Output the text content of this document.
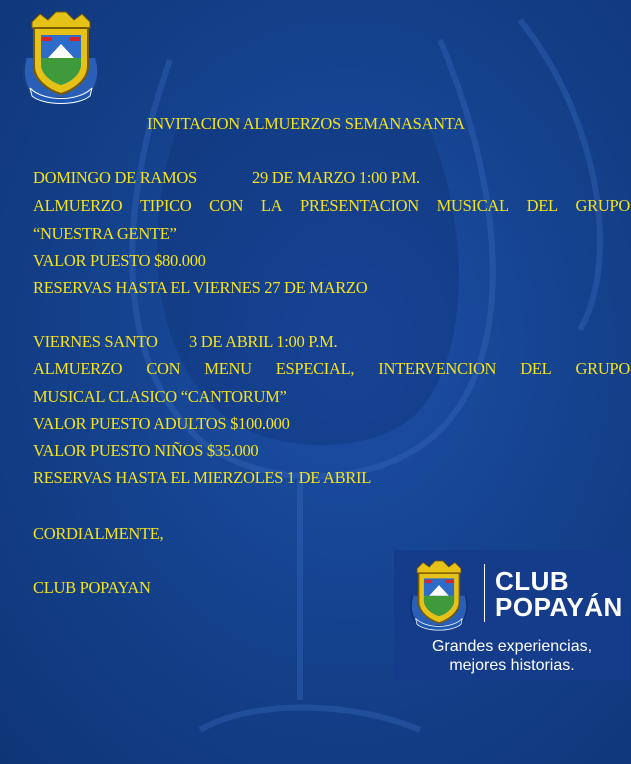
INVITACION ALMUERZOS SEMANASANTA
DOMINGO DE RAMOS	29 DE MARZO 1:00 P.M.
ALMUERZO TIPICO CON LA PRESENTACION MUSICAL DEL GRUPO
“NUESTRA GENTE”
VALOR PUESTO $80.000
RESERVAS HASTA EL VIERNES 27 DE MARZO
VIERNES SANTO 3 DE ABRIL 1:00 P.M.
ALMUERZO CON MENU ESPECIAL, INTERVENCION DEL GRUPO
MUSICAL CLASICO “CANTORUM”
VALOR PUESTO ADULTOS $100.000
VALOR PUESTO NIÑOS $35.000
RESERVAS HASTA EL MIERZOLES 1 DE ABRIL
CORDIALMENTE,
CLUB POPAYAN	CLUB
POPAYÁN
Grandes experiencias,
mejores historias.
